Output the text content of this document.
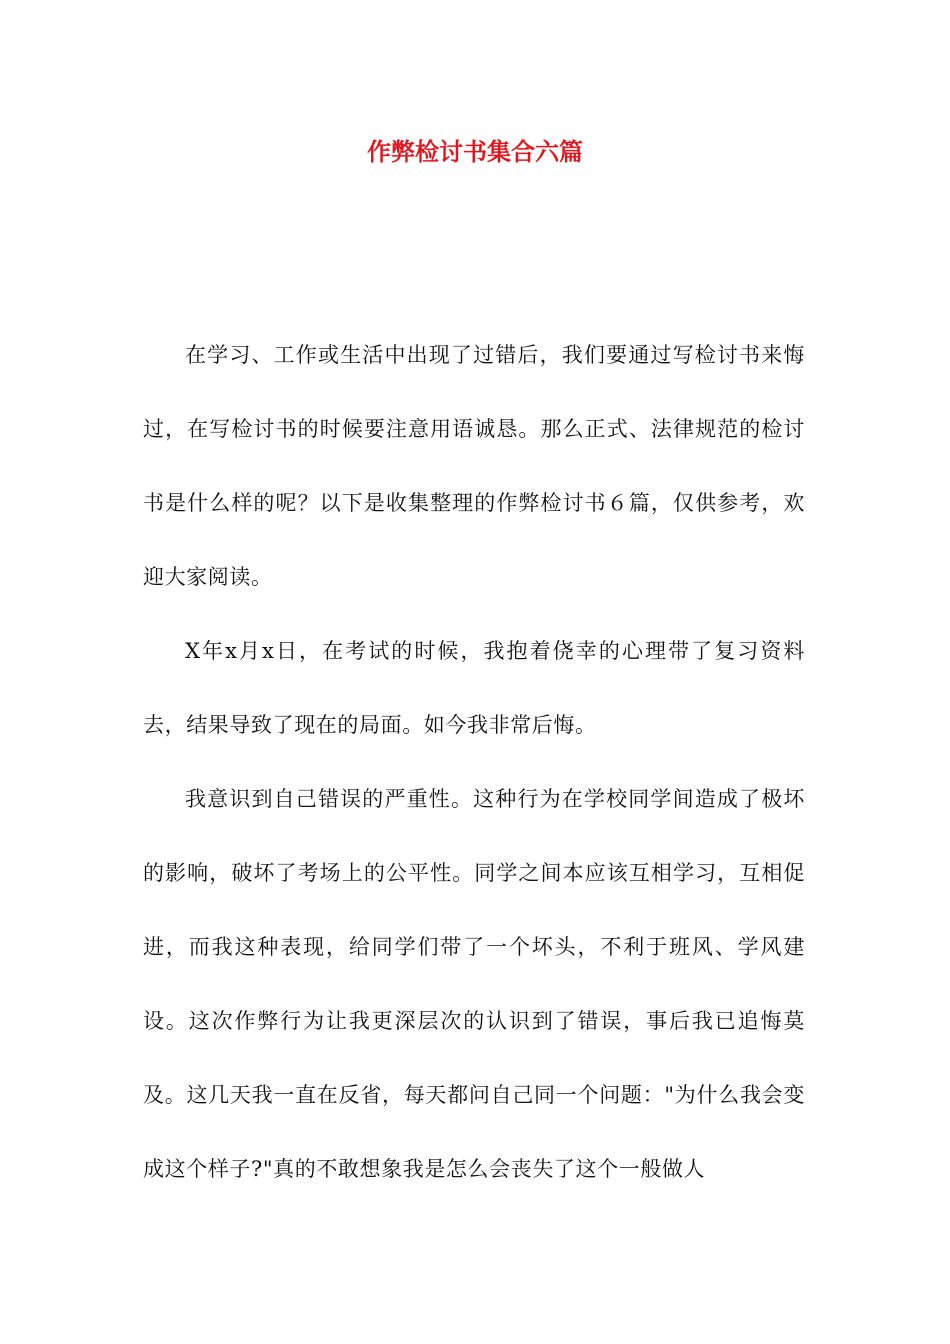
作弊检讨书集合六篇

在学习、工作或生活中出现了过错后，我们要通过写检讨书来悔过，在写检讨书的时候要注意用语诚恳。那么正式、法律规范的检讨书是什么样的呢？以下是收集整理的作弊检讨书６篇，仅供参考，欢迎大家阅读。

X年x月x日，在考试的时候，我抱着侥幸的心理带了复习资料去，结果导致了现在的局面。如今我非常后悔。

我意识到自己错误的严重性。这种行为在学校同学间造成了极坏的影响，破坏了考场上的公平性。同学之间本应该互相学习，互相促进，而我这种表现，给同学们带了一个坏头，不利于班风、学风建设。这次作弊行为让我更深层次的认识到了错误，事后我已追悔莫及。这几天我一直在反省，每天都问自己同一个问题："为什么我会变成这个样子?"真的不敢想象我是怎么会丧失了这个一般做人
